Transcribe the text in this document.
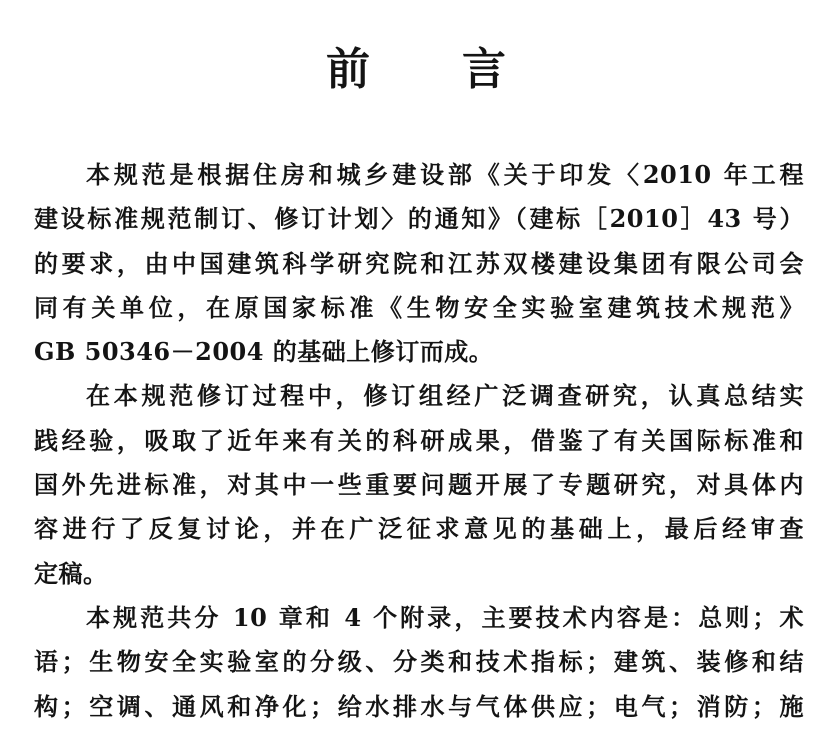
前 言
本规范是根据住房和城乡建设部《关于印发〈2010 年工程
建设标准规范制订、修订计划〉的通知》（建标［2010］43 号）
的要求，由中国建筑科学研究院和江苏双楼建设集团有限公司会
同有关单位，在原国家标准《生物安全实验室建筑技术规范》
GB 50346－2004 的基础上修订而成。
在本规范修订过程中，修订组经广泛调查研究，认真总结实
践经验，吸取了近年来有关的科研成果，借鉴了有关国际标准和
国外先进标准，对其中一些重要问题开展了专题研究，对具体内
容进行了反复讨论，并在广泛征求意见的基础上，最后经审查
定稿。
本规范共分 10 章和 4 个附录，主要技术内容是：总则；术
语；生物安全实验室的分级、分类和技术指标；建筑、装修和结
构；空调、通风和净化；给水排水与气体供应；电气；消防；施
